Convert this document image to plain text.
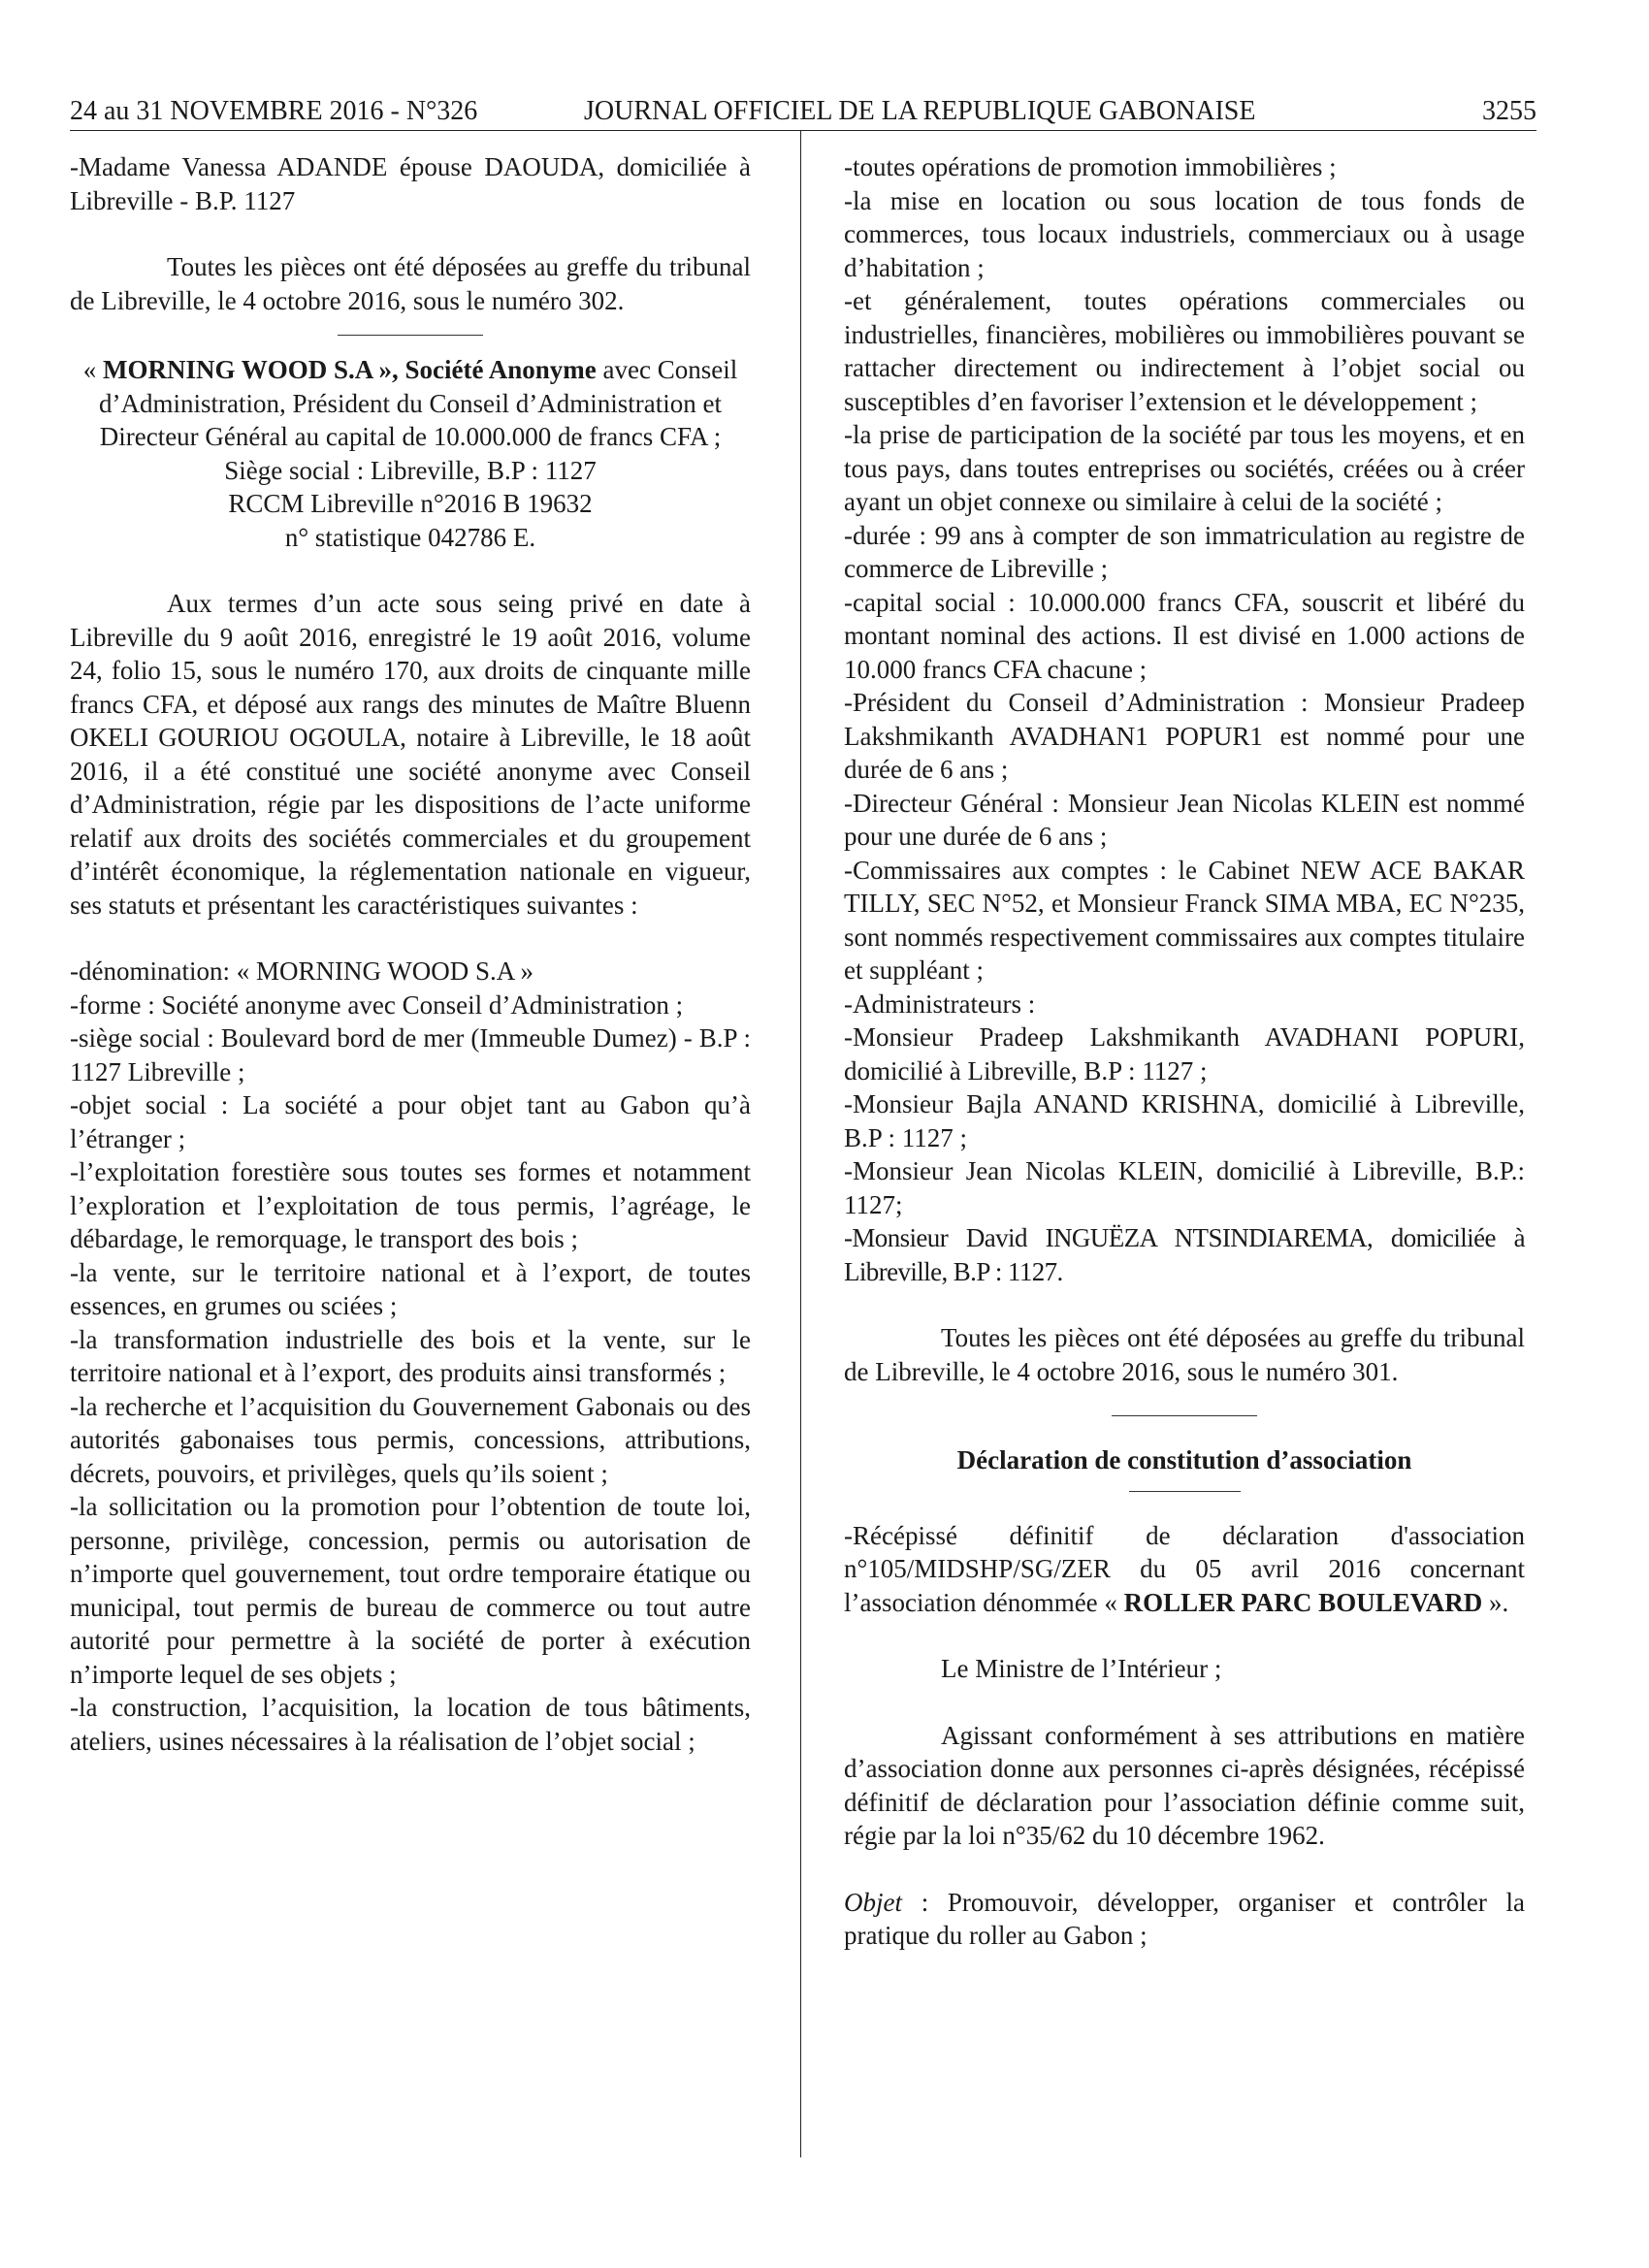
24 au 31 NOVEMBRE 2016 - N°326	JOURNAL OFFICIEL DE LA REPUBLIQUE GABONAISE	3255

-Madame Vanessa ADANDE épouse DAOUDA, domiciliée à Libreville - B.P. 1127

Toutes les pièces ont été déposées au greffe du tribunal de Libreville, le 4 octobre 2016, sous le numéro 302.

« MORNING WOOD S.A », Société Anonyme avec Conseil d’Administration, Président du Conseil d’Administration et Directeur Général au capital de 10.000.000 de francs CFA ;

Siège social : Libreville, B.P : 1127

RCCM Libreville n°2016 B 19632

n° statistique 042786 E.

Aux termes d’un acte sous seing privé en date à Libreville du 9 août 2016, enregistré le 19 août 2016, volume 24, folio 15, sous le numéro 170, aux droits de cinquante mille francs CFA, et déposé aux rangs des minutes de Maître Bluenn OKELI GOURIOU OGOULA, notaire à Libreville, le 18 août 2016, il a été constitué une société anonyme avec Conseil d’Administration, régie par les dispositions de l’acte uniforme relatif aux droits des sociétés commerciales et du groupement d’intérêt économique, la réglementation nationale en vigueur, ses statuts et présentant les caractéristiques suivantes :

-dénomination: « MORNING WOOD S.A »

-forme : Société anonyme avec Conseil d’Administration ;

-siège social : Boulevard bord de mer (Immeuble Dumez) - B.P : 1127 Libreville ;

-objet social : La société a pour objet tant au Gabon qu’à l’étranger ;

-l’exploitation forestière sous toutes ses formes et notamment l’exploration et l’exploitation de tous permis, l’agréage, le débardage, le remorquage, le transport des bois ;

-la vente, sur le territoire national et à l’export, de toutes essences, en grumes ou sciées ;

-la transformation industrielle des bois et la vente, sur le territoire national et à l’export, des produits ainsi transformés ;

-la recherche et l’acquisition du Gouvernement Gabonais ou des autorités gabonaises tous permis, concessions, attributions, décrets, pouvoirs, et privilèges, quels qu’ils soient ;

-la sollicitation ou la promotion pour l’obtention de toute loi, personne, privilège, concession, permis ou autorisation de n’importe quel gouvernement, tout ordre temporaire étatique ou municipal, tout permis de bureau de commerce ou tout autre autorité pour permettre à la société de porter à exécution n’importe lequel de ses objets ;

-la construction, l’acquisition, la location de tous bâtiments, ateliers, usines nécessaires à la réalisation de l’objet social ;

-toutes opérations de promotion immobilières ;

-la mise en location ou sous location de tous fonds de commerces, tous locaux industriels, commerciaux ou à usage d’habitation ;

-et généralement, toutes opérations commerciales ou industrielles, financières, mobilières ou immobilières pouvant se rattacher directement ou indirectement à l’objet social ou susceptibles d’en favoriser l’extension et le développement ;

-la prise de participation de la société par tous les moyens, et en tous pays, dans toutes entreprises ou sociétés, créées ou à créer ayant un objet connexe ou similaire à celui de la société ;

-durée : 99 ans à compter de son immatriculation au registre de commerce de Libreville ;

-capital social : 10.000.000 francs CFA, souscrit et libéré du montant nominal des actions. Il est divisé en 1.000 actions de 10.000 francs CFA chacune ;

-Président du Conseil d’Administration : Monsieur Pradeep Lakshmikanth AVADHAN1 POPUR1 est nommé pour une durée de 6 ans ;

-Directeur Général : Monsieur Jean Nicolas KLEIN est nommé pour une durée de 6 ans ;

-Commissaires aux comptes : le Cabinet NEW ACE BAKAR TILLY, SEC N°52, et Monsieur Franck SIMA MBA, EC N°235, sont nommés respectivement commissaires aux comptes titulaire et suppléant ;

-Administrateurs :

-Monsieur Pradeep Lakshmikanth AVADHANI POPURI, domicilié à Libreville, B.P : 1127 ;

-Monsieur Bajla ANAND KRISHNA, domicilié à Libreville, B.P : 1127 ;

-Monsieur Jean Nicolas KLEIN, domicilié à Libreville, B.P.: 1127;

-Monsieur David INGUËZA NTSINDIAREMA, domiciliée à Libreville, B.P : 1127.

Toutes les pièces ont été déposées au greffe du tribunal de Libreville, le 4 octobre 2016, sous le numéro 301.

Déclaration de constitution d’association

-Récépissé définitif de déclaration d'association n°105/MIDSHP/SG/ZER du 05 avril 2016 concernant l’association dénommée « ROLLER PARC BOULEVARD ».

Le Ministre de l’Intérieur ;

Agissant conformément à ses attributions en matière d’association donne aux personnes ci-après désignées, récépissé définitif de déclaration pour l’association définie comme suit, régie par la loi n°35/62 du 10 décembre 1962.

Objet : Promouvoir, développer, organiser et contrôler la pratique du roller au Gabon ;
